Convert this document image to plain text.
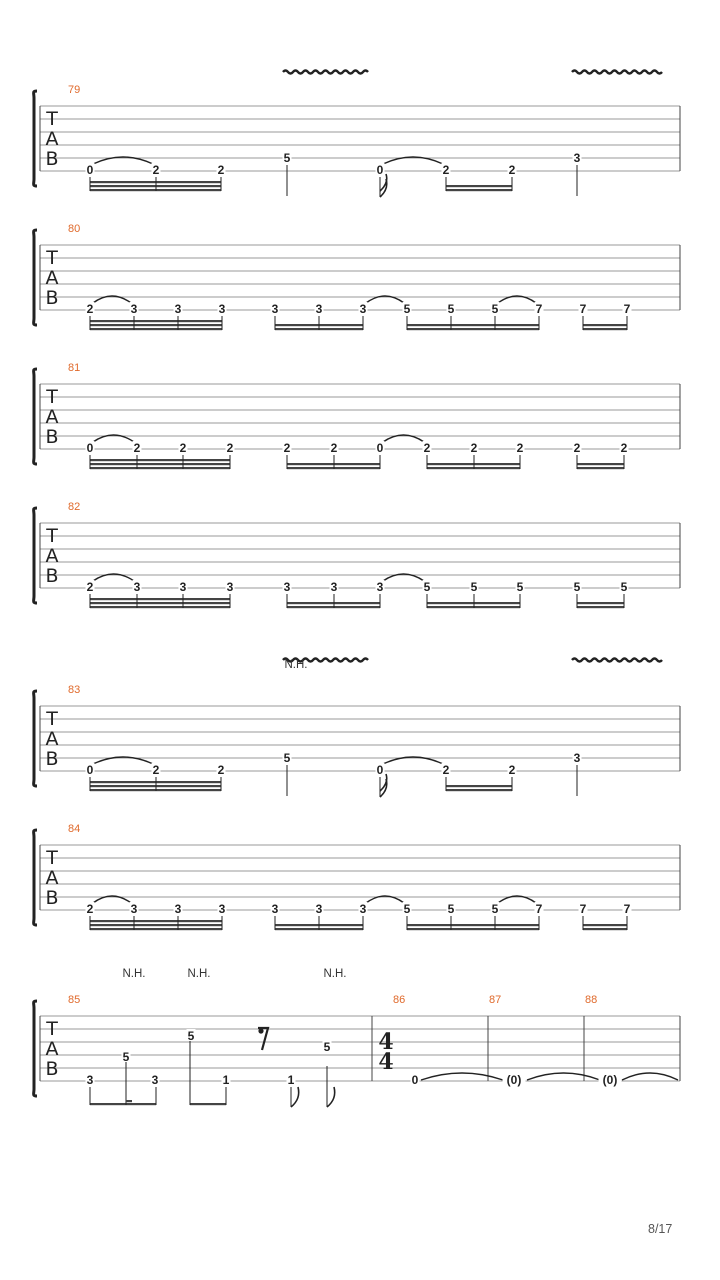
T
A
B
79
0	2	2
5
0	2	2
3
T
A
B
80
2	3	3	3	3	3	3	5	5	5	7	7	7
T
A
B
81
0	2	2	2	2	2	0	2	2	2	2	2
T
A
B
82
2	3	3	3	3	3	3	5	5	5	5	5
T
A
B
83
0	2	2
5
0	2	2
3
T
A
B
84
2	3	3	3	3	3	3	5	5	5	7	7	7
N.H.
T
A
B
85	86	87	88
N.H.	N.H.	N.H.
3
5
3
5
1	1
5 4
4
0	(0)	(0)
8/17
